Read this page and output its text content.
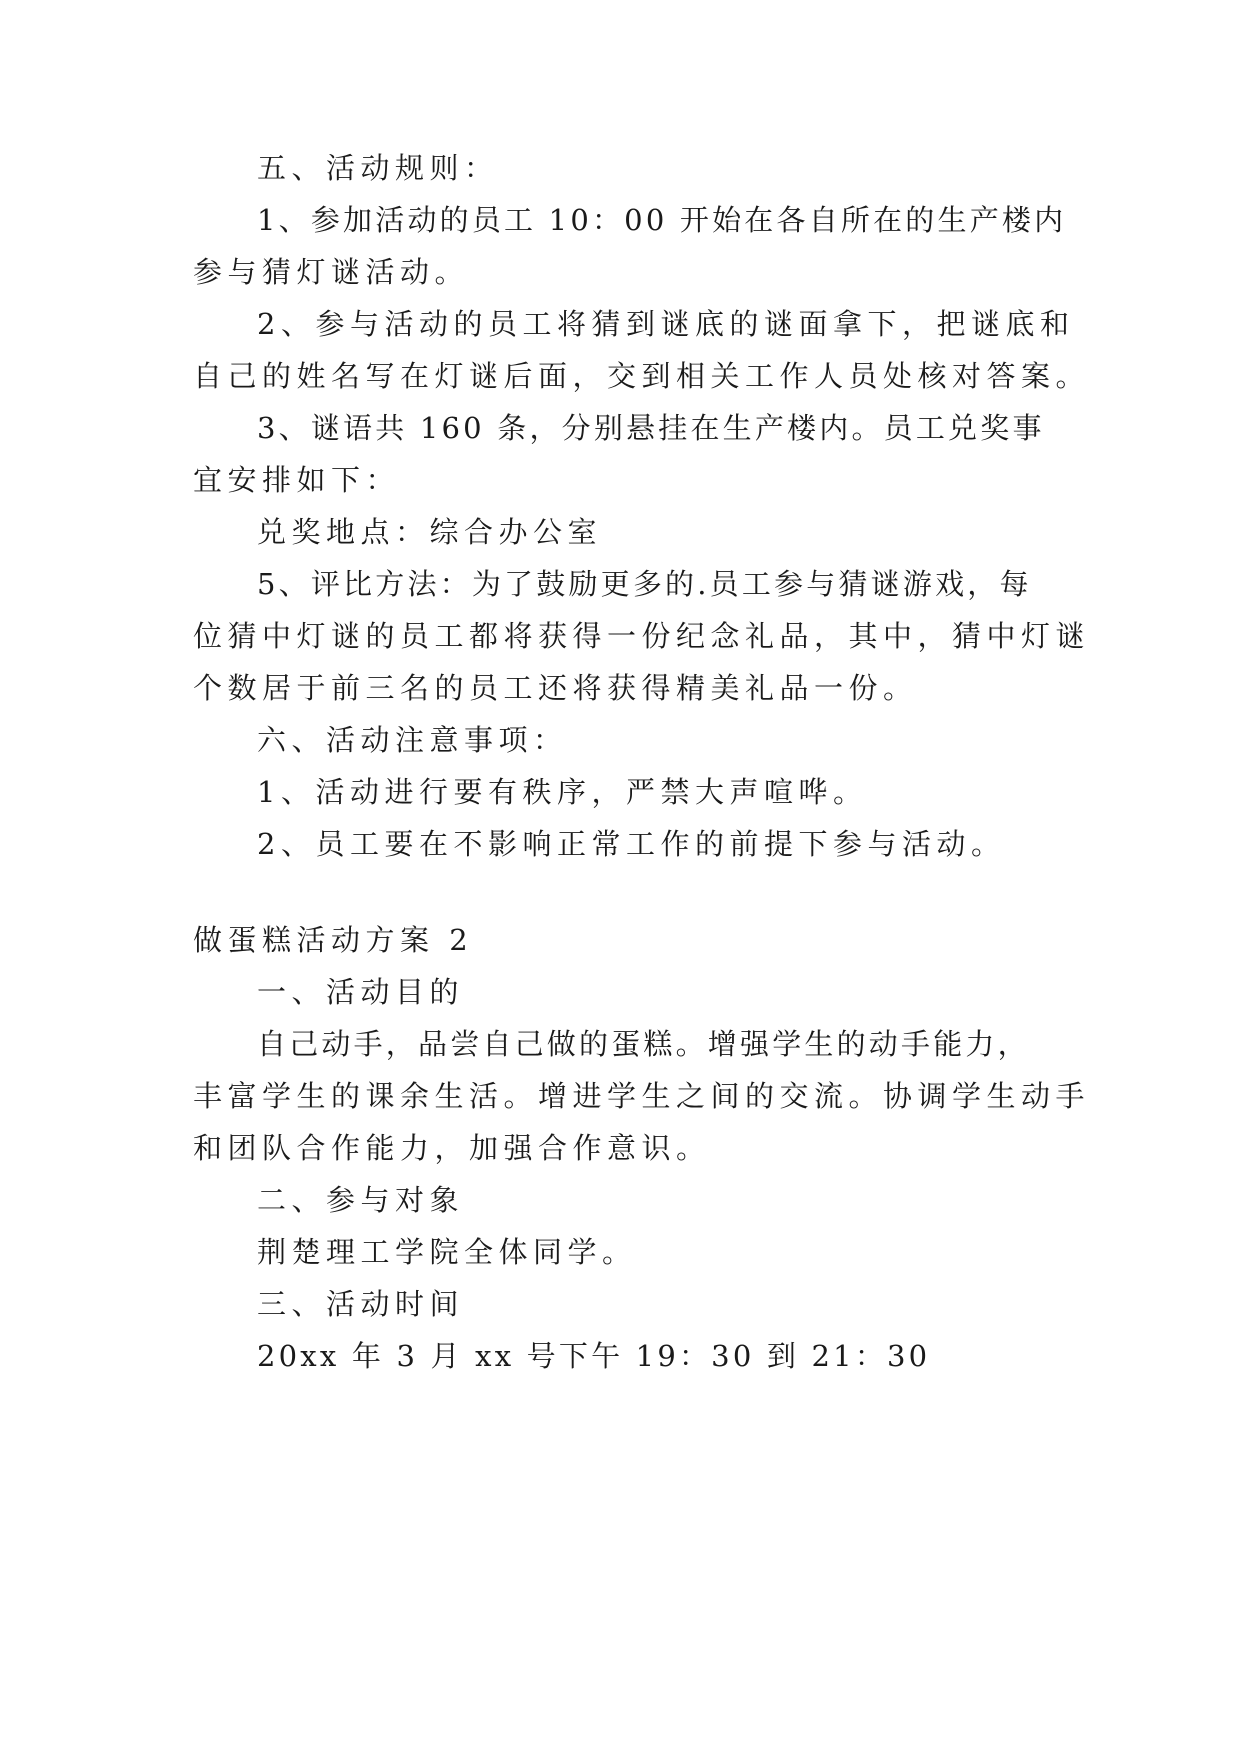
五、活动规则：

1、参加活动的员工 10：00 开始在各自所在的生产楼内

参与猜灯谜活动。

2、参与活动的员工将猜到谜底的谜面拿下，把谜底和

自己的姓名写在灯谜后面，交到相关工作人员处核对答案。

3、谜语共 160 条，分别悬挂在生产楼内。员工兑奖事

宜安排如下：

兑奖地点：综合办公室

5、评比方法：为了鼓励更多的.员工参与猜谜游戏，每

位猜中灯谜的员工都将获得一份纪念礼品，其中，猜中灯谜

个数居于前三名的员工还将获得精美礼品一份。

六、活动注意事项：

1、活动进行要有秩序，严禁大声喧哗。

2、员工要在不影响正常工作的前提下参与活动。

做蛋糕活动方案 2

一、活动目的

自己动手，品尝自己做的蛋糕。增强学生的动手能力，

丰富学生的课余生活。增进学生之间的交流。协调学生动手

和团队合作能力，加强合作意识。

二、参与对象

荆楚理工学院全体同学。

三、活动时间

20xx 年 3 月 xx 号下午 19：30 到 21：30
